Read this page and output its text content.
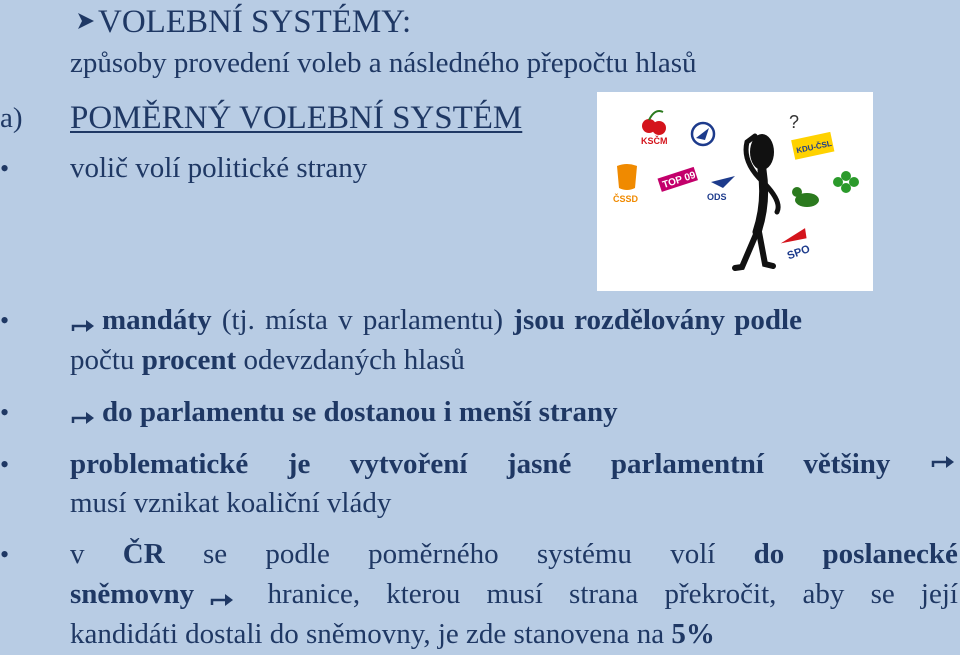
VOLEBNÍ SYSTÉMY:
způsoby provedení voleb a následného přepočtu hlasů
a) POMĚRNÝ VOLEBNÍ SYSTÉM
•	volič volí politické strany
KSČM
ČSSD
TOP 09
ODS
KDU-ČSL
?
SPO
•	mandáty (tj. místa v parlamentu) jsou rozdělovány podle
počtu procent odevzdaných hlasů
•	do parlamentu se dostanou i menší strany
•	problematické je vytvoření jasné parlamentní většiny
musí vznikat koaliční vlády
•	v ČR se podle poměrného systému volí do poslanecké
sněmovny	hranice, kterou musí strana překročit, aby se její
kandidáti dostali do sněmovny, je zde stanovena na 5%
